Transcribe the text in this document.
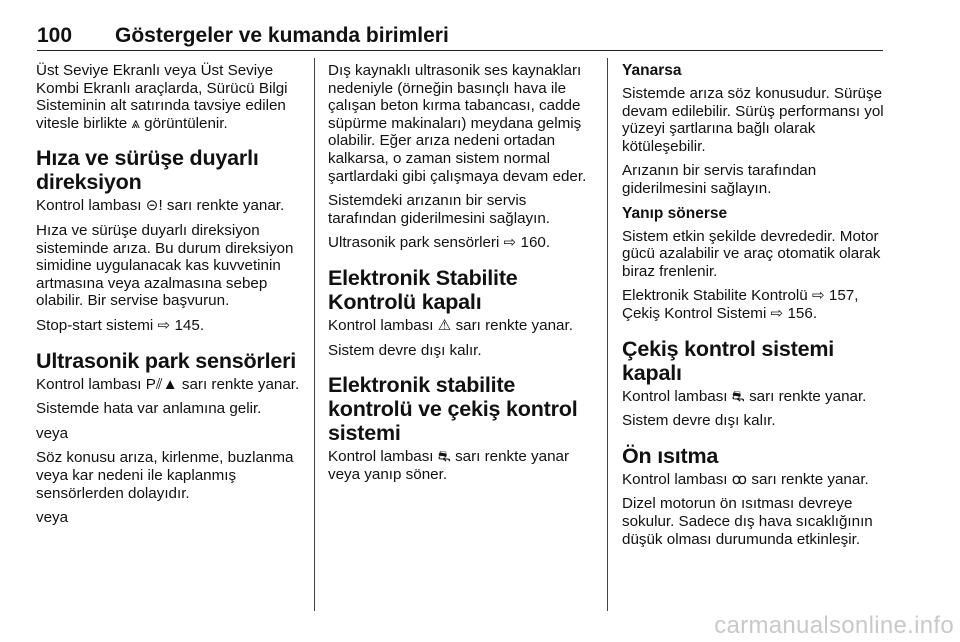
100 Göstergeler ve kumanda birimleri

Üst Seviye Ekranlı veya Üst Seviye Kombi Ekranlı araçlarda, Sürücü Bilgi Sisteminin alt satırında tavsiye edilen vitesle birlikte ⩓ görüntülenir.

Hıza ve sürüşe duyarlı direksiyon

Kontrol lambası ⊝! sarı renkte yanar.

Hıza ve sürüşe duyarlı direksiyon sisteminde arıza. Bu durum direksiyon simidine uygulanacak kas kuvvetinin artmasına veya azalmasına sebep olabilir. Bir servise başvurun.

Stop-start sistemi ⇨ 145.

Ultrasonik park sensörleri

Kontrol lambası P⫽▲ sarı renkte yanar.

Sistemde hata var anlamına gelir.

veya

Söz konusu arıza, kirlenme, buzlanma veya kar nedeni ile kaplanmış sensörlerden dolayıdır.

veya

Dış kaynaklı ultrasonik ses kaynakları nedeniyle (örneğin basınçlı hava ile çalışan beton kırma tabancası, cadde süpürme makinaları) meydana gelmiş olabilir. Eğer arıza nedeni ortadan kalkarsa, o zaman sistem normal şartlardaki gibi çalışmaya devam eder.

Sistemdeki arızanın bir servis tarafından giderilmesini sağlayın.

Ultrasonik park sensörleri ⇨ 160.

Elektronik Stabilite Kontrolü kapalı

Kontrol lambası ⚠ sarı renkte yanar.

Sistem devre dışı kalır.

Elektronik stabilite kontrolü ve çekiş kontrol sistemi

Kontrol lambası ⛐ sarı renkte yanar veya yanıp söner.

Yanarsa

Sistemde arıza söz konusudur. Sürüşe devam edilebilir. Sürüş performansı yol yüzeyi şartlarına bağlı olarak kötüleşebilir.

Arızanın bir servis tarafından giderilmesini sağlayın.

Yanıp sönerse

Sistem etkin şekilde devrededir. Motor gücü azalabilir ve araç otomatik olarak biraz frenlenir.

Elektronik Stabilite Kontrolü ⇨ 157, Çekiş Kontrol Sistemi ⇨ 156.

Çekiş kontrol sistemi kapalı

Kontrol lambası ⛐ sarı renkte yanar.

Sistem devre dışı kalır.

Ön ısıtma

Kontrol lambası ꝏ sarı renkte yanar.

Dizel motorun ön ısıtması devreye sokulur. Sadece dış hava sıcaklığının düşük olması durumunda etkinleşir.

carmanualsonline.info
